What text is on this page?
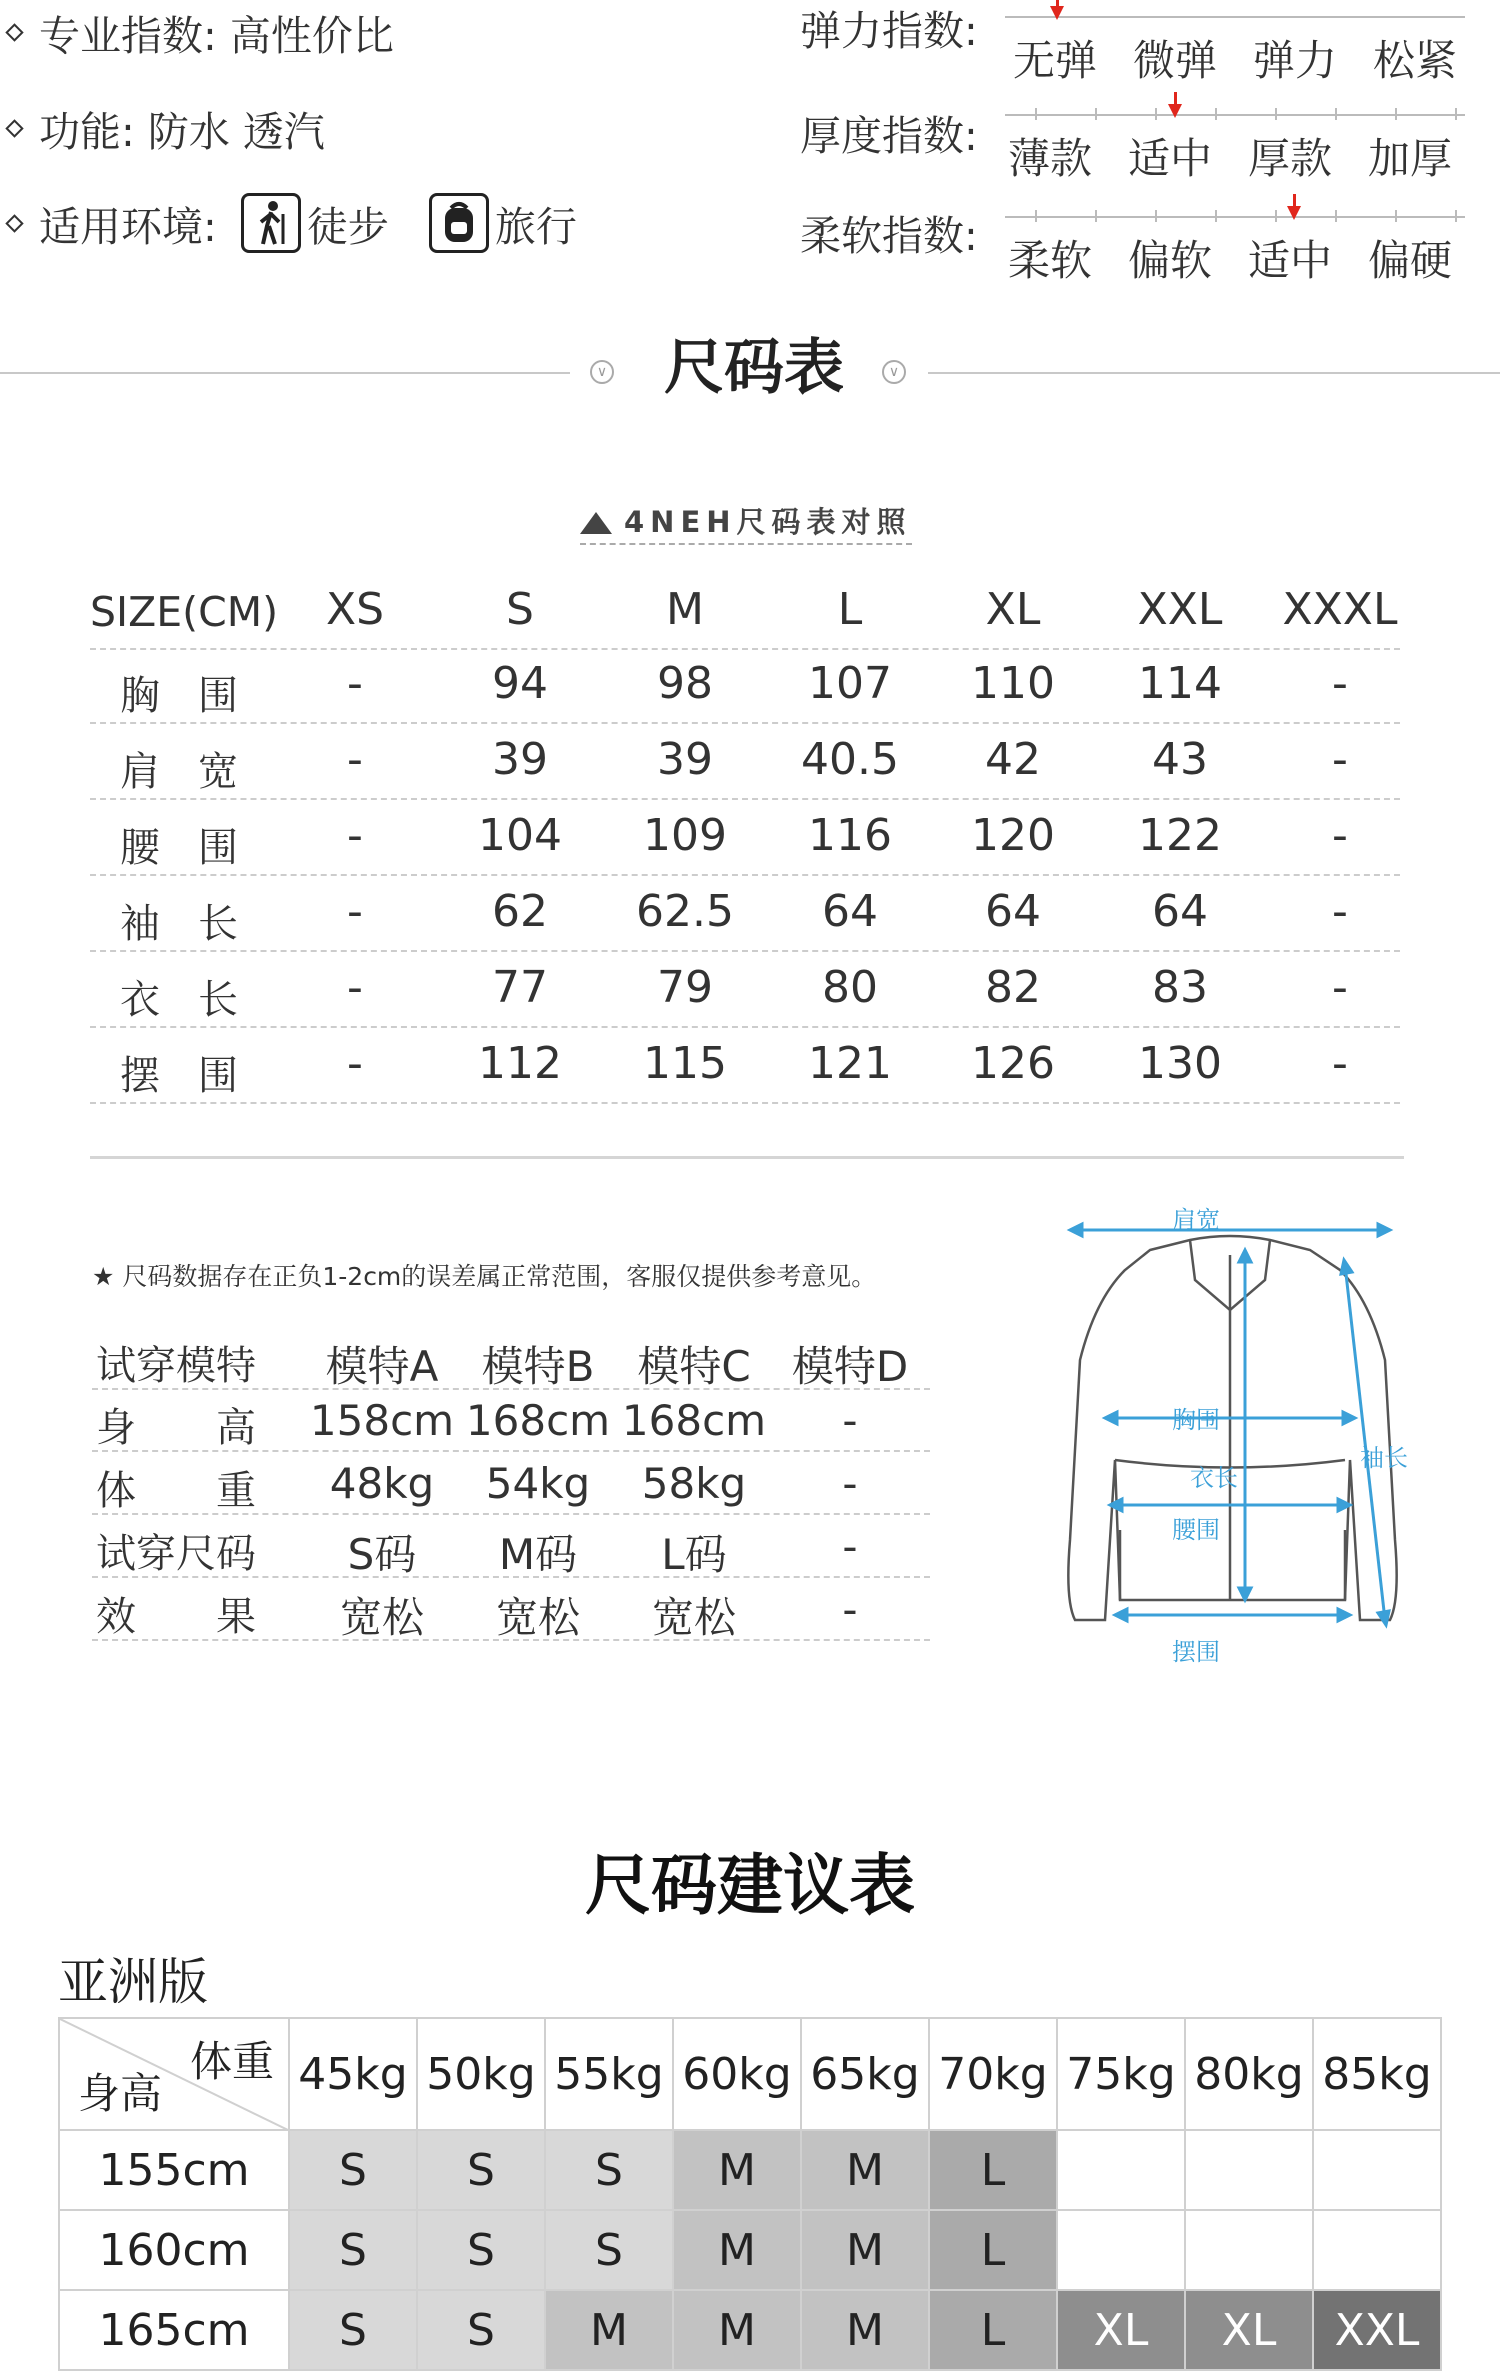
专业指数: 高性价比
功能: 防水 透汽
适用环境: 徒步	旅行
弹力指数:
无弹 微弹 弹力 松紧
厚度指数: 薄款 适中 厚款 加厚
柔软指数: 柔软 偏软 适中 偏硬
∨ 尺码表	∨
4NEH尺码表对照
SIZE(CM)	XS	S	M	L	XL	XXL	XXXL
胸围	-	94	98	107 110	114	-
肩宽	-	39	39	40.5	42	43	-
腰围	-	104 109 116 120	122	-
袖长	-	62	62.5	64	64	64	-
衣长	-	77	79	80	82	83	-
摆围	-	112 115 121 126	130	-
★ 尺码数据存在正负1-2cm的误差属正常范围，客服仅提供参考意见。
试穿模特	模特A	模特B	模特C 模特D
身　　高 158cm 168cm 168cm	-
体　　重	48kg	54kg	58kg	-
试穿尺码	S码	M码	L码	-
效　　果	宽松	宽松	宽松	-
肩宽
胸围
衣长
腰围
摆围
袖长
尺码建议表
亚洲版
体重
身高	45kg	50kg	55kg	60kg	65kg	70kg	75kg	80kg	85kg
155cm	S	S	S	M	M	L			
160cm	S	S	S	M	M	L			
165cm	S	S	M	M	M	L	XL	XL	XXL
